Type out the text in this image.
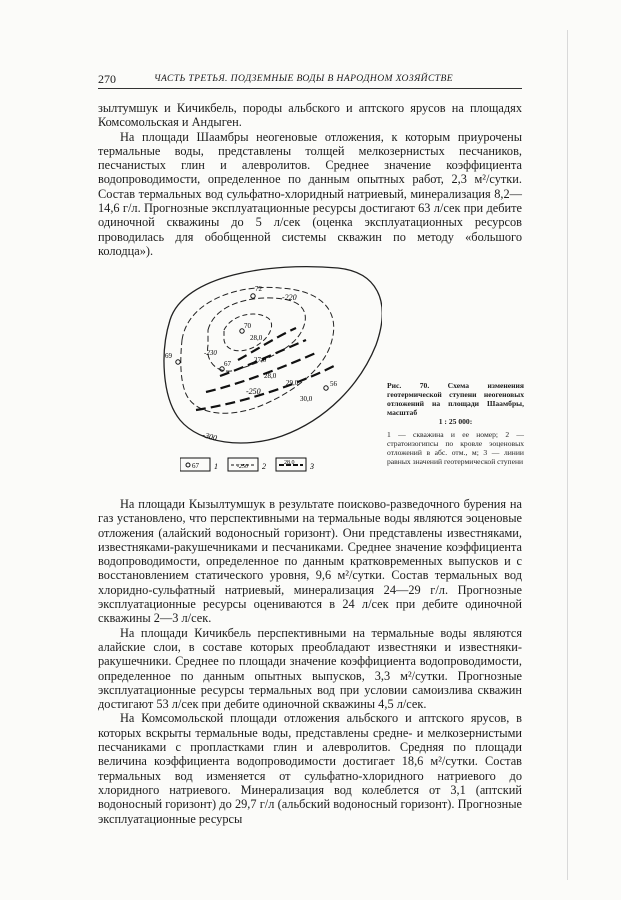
270	ЧАСТЬ ТРЕТЬЯ. ПОДЗЕМНЫЕ ВОДЫ В НАРОДНОМ ХОЗЯЙСТВЕ

зылтумшук и Кичикбель, породы альбского и аптского ярусов на площадях Комсомольская и Андыген.

На площади Шаамбры неогеновые отложения, к которым приурочены термальные воды, представлены толщей мелкозернистых песчаников, песчанистых глин и алевролитов. Среднее значение коэффициента водопроводимости, определенное по данным опытных работ, 2,3 м²/сутки. Состав термальных вод сульфатно-хлоридный натриевый, минерализация 8,2—14,6 г/л. Прогнозные эксплуатационные ресурсы достигают 63 л/сек при дебите одиночной скважины до 5 л/сек (оценка эксплуатационных ресурсов проводилась для обобщенной системы скважин по методу «большого колодца»).

-220
-230
-250
-300
28,0
27,0
28,0
29,0
30,0
72
70
67
69
56	Рис. 70. Схема изменения геотермической ступени неогеновых отложений на площади Шаамбры, масштаб
1 : 25 000:
1 — скважина и ее номер; 2 — стратоизогипсы по кровле эоценовых отложений в абс. отм., м; 3 — линии равных значений геотермической ступени
67 1	-250 2	28,0 3

На площади Кызылтумшук в результате поисково-разведочного бурения на газ установлено, что перспективными на термальные воды являются эоценовые отложения (алайский водоносный горизонт). Они представлены известняками, известняками-ракушечниками и песчаниками. Среднее значение коэффициента водопроводимости, определенное по данным кратковременных выпусков и с восстановлением статического уровня, 9,6 м²/сутки. Состав термальных вод хлоридно-сульфатный натриевый, минерализация 24—29 г/л. Прогнозные эксплуатационные ресурсы оцениваются в 24 л/сек при дебите одиночной скважины 2—3 л/сек.

На площади Кичикбель перспективными на термальные воды являются алайские слои, в составе которых преобладают известняки и известняки-ракушечники. Среднее по площади значение коэффициента водопроводимости, определенное по данным опытных выпусков, 3,3 м²/сутки. Прогнозные эксплуатационные ресурсы термальных вод при условии самоизлива скважин достигают 53 л/сек при дебите одиночной скважины 4,5 л/сек.

На Комсомольской площади отложения альбского и аптского ярусов, в которых вскрыты термальные воды, представлены средне- и мелкозернистыми песчаниками с пропластками глин и алевролитов. Средняя по площади величина коэффициента водопроводимости достигает 18,6 м²/сутки. Состав термальных вод изменяется от сульфатно-хлоридного натриевого до хлоридного натриевого. Минерализация вод колеблется от 3,1 (аптский водоносный горизонт) до 29,7 г/л (альбский водоносный горизонт). Прогнозные эксплуатационные ресурсы
